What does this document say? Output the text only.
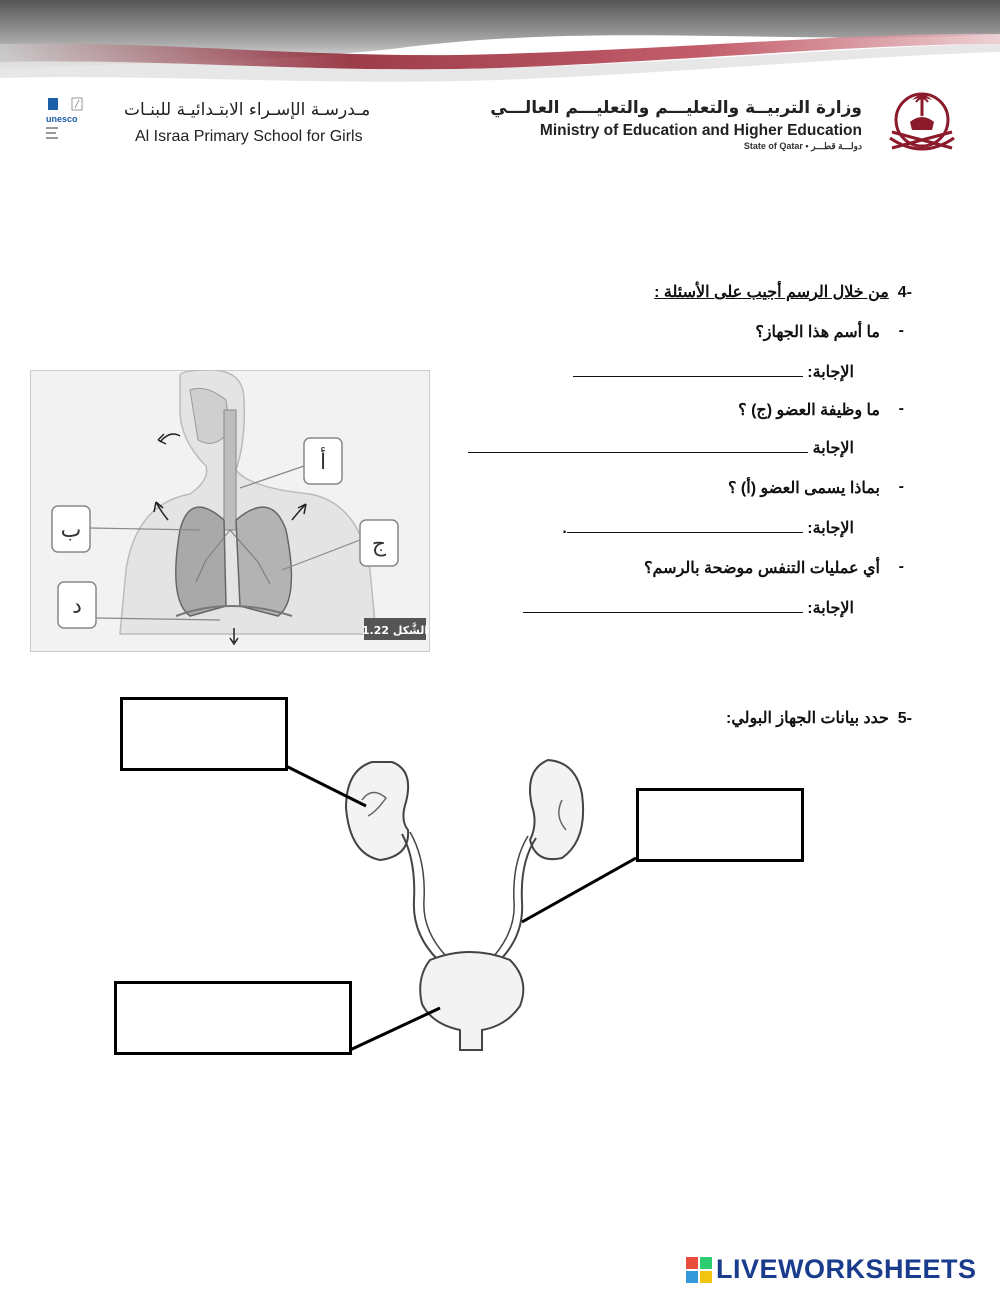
unesco	مـدرسـة الإسـراء الابتـدائيـة للبنـات
Al Israa Primary School for Girls
وزارة التربيــة والتعليـــم والتعليـــم العالـــي
Ministry of Education and Higher Education
State of Qatar • دولـــة قطـــر
-4  من خلال الرسم أجيب على الأسئلة :
-
ما أسم هذا الجهاز؟
الإجابة:
-
ما وظيفة العضو (ج) ؟
الإجابة
-
بماذا يسمى العضو (أ) ؟
الإجابة: .
-
أي عمليات التنفس موضحة بالرسم؟
الإجابة:
أ
ب
ج
د
الشَّكل 1.22
-5  حدد بيانات الجهاز البولي:
LIVEWORKSHEETS
